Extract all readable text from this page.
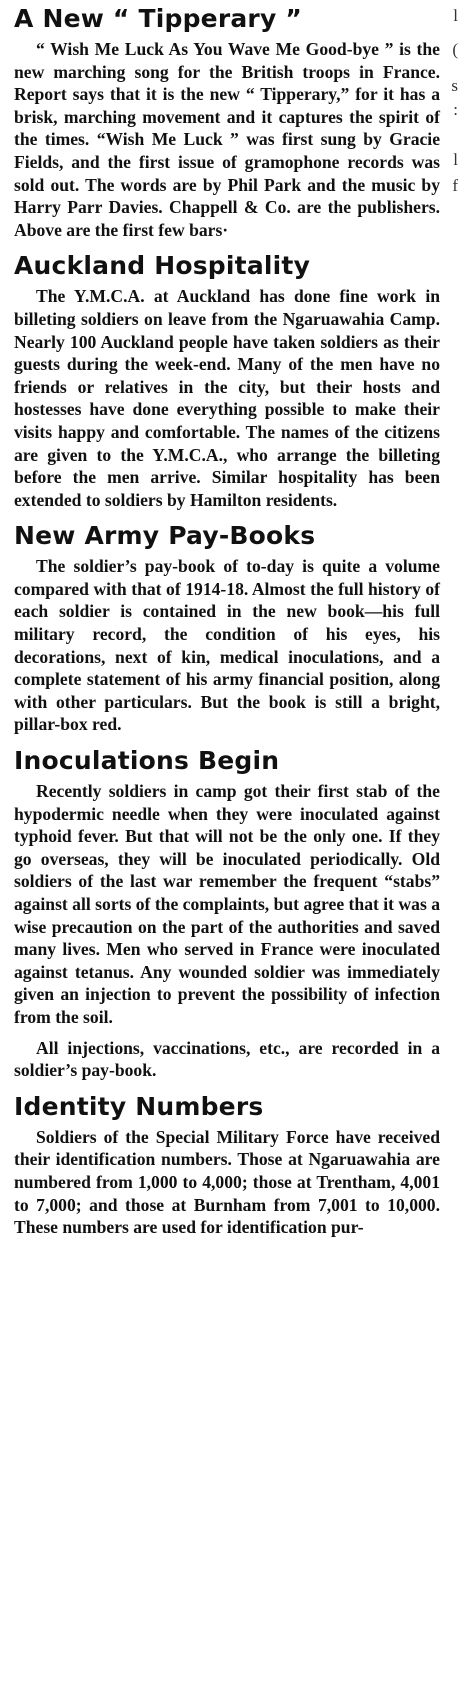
A New “ Tipperary ”

“ Wish Me Luck As You Wave Me Good-bye ” is the new marching song for the British troops in France. Report says that it is the new “ Tipperary,” for it has a brisk, marching movement and it captures the spirit of the times. “Wish Me Luck ” was first sung by Gracie Fields, and the first issue of gramophone records was sold out. The words are by Phil Park and the music by Harry Parr Davies. Chappell & Co. are the publishers. Above are the first few bars·

Auckland Hospitality

The Y.M.C.A. at Auckland has done fine work in billeting soldiers on leave from the Ngaruawahia Camp. Nearly 100 Auckland people have taken soldiers as their guests during the week-end. Many of the men have no friends or relatives in the city, but their hosts and hostesses have done everything possible to make their visits happy and comfortable. The names of the citizens are given to the Y.M.C.A., who arrange the billeting before the men arrive. Similar hospitality has been extended to soldiers by Hamilton residents.

New Army Pay-Books

The soldier’s pay-book of to-day is quite a volume compared with that of 1914-18. Almost the full history of each soldier is contained in the new book—his full military record, the condition of his eyes, his decorations, next of kin, medical inoculations, and a complete statement of his army financial position, along with other particulars. But the book is still a bright, pillar-box red.

Inoculations Begin

Recently soldiers in camp got their first stab of the hypodermic needle when they were inoculated against typhoid fever. But that will not be the only one. If they go overseas, they will be inoculated periodically. Old soldiers of the last war remember the frequent “stabs” against all sorts of the complaints, but agree that it was a wise precaution on the part of the authorities and saved many lives. Men who served in France were inoculated against tetanus. Any wounded soldier was immediately given an injection to prevent the possibility of infection from the soil.

All injections, vaccinations, etc., are recorded in a soldier’s pay-book.

Identity Numbers

Soldiers of the Special Military Force have received their identification numbers. Those at Ngaruawahia are numbered from 1,000 to 4,000; those at Trentham, 4,001 to 7,000; and those at Burnham from 7,001 to 10,000. These numbers are used for identification pur-

l
(
s
:
l
f
